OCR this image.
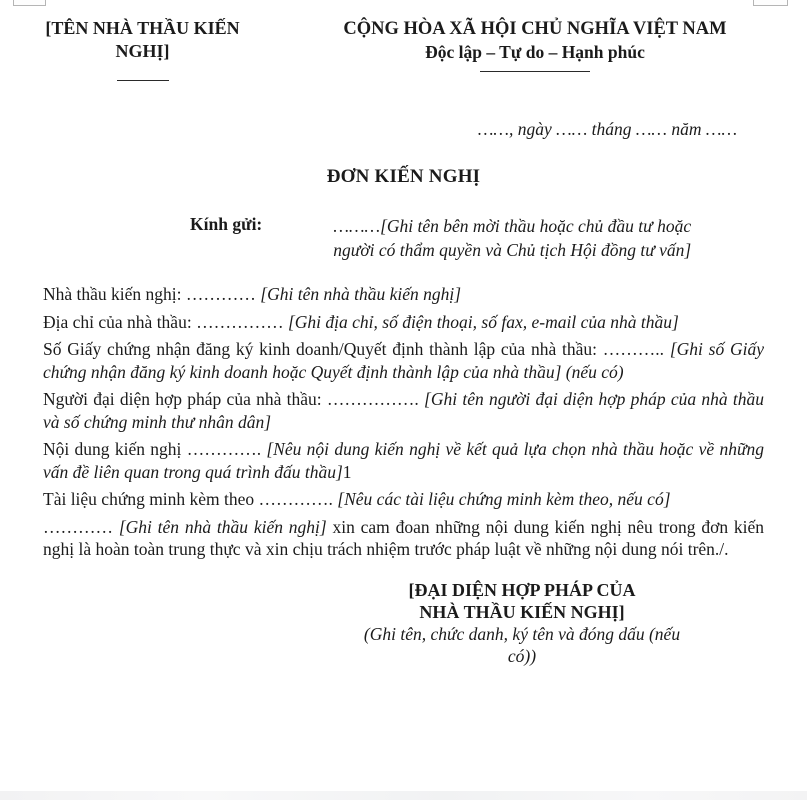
[TÊN NHÀ THẦU KIẾN
NGHỊ]
CỘNG HÒA XÃ HỘI CHỦ NGHĨA VIỆT NAM
Độc lập – Tự do – Hạnh phúc
……, ngày …… tháng …… năm ……
ĐƠN KIẾN NGHỊ
Kính gửi:	………[Ghi tên bên mời thầu hoặc chủ đầu tư hoặc
người có thẩm quyền và Chủ tịch Hội đồng tư vấn]

Nhà thầu kiến nghị: ………… [Ghi tên nhà thầu kiến nghị]

Địa chỉ của nhà thầu: …………… [Ghi địa chỉ, số điện thoại, số fax, e-mail của nhà thầu]

Số Giấy chứng nhận đăng ký kinh doanh/Quyết định thành lập của nhà thầu: ……….. [Ghi số Giấy chứng nhận đăng ký kinh doanh hoặc Quyết định thành lập của nhà thầu] (nếu có)

Người đại diện hợp pháp của nhà thầu: ……………. [Ghi tên người đại diện hợp pháp của nhà thầu và số chứng minh thư nhân dân]

Nội dung kiến nghị …………. [Nêu nội dung kiến nghị về kết quả lựa chọn nhà thầu hoặc về những vấn đề liên quan trong quá trình đấu thầu]1

Tài liệu chứng minh kèm theo …………. [Nêu các tài liệu chứng minh kèm theo, nếu có]

………… [Ghi tên nhà thầu kiến nghị] xin cam đoan những nội dung kiến nghị nêu trong đơn kiến nghị là hoàn toàn trung thực và xin chịu trách nhiệm trước pháp luật về những nội dung nói trên./.

[ĐẠI DIỆN HỢP PHÁP CỦA
NHÀ THẦU KIẾN NGHỊ]
(Ghi tên, chức danh, ký tên và đóng dấu (nếu
có))
